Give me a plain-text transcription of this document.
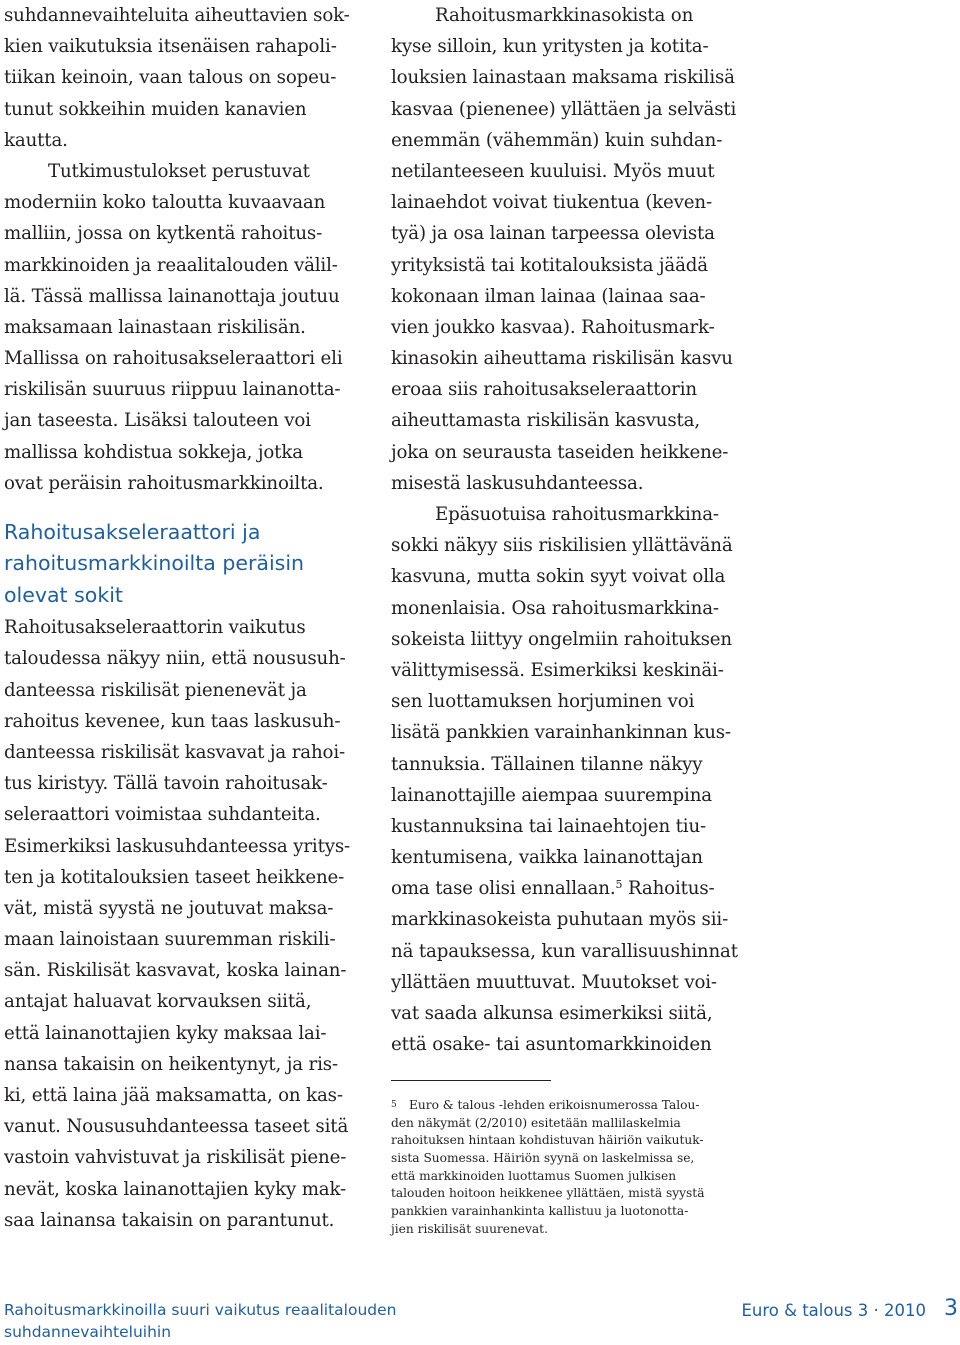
suhdannevaihteluita aiheuttavien sok-
kien vaikutuksia itsenäisen rahapoli-
tiikan keinoin, vaan talous on sopeu-
tunut sokkeihin muiden kanavien
kautta.
Tutkimustulokset perustuvat
moderniin koko taloutta kuvaavaan
malliin, jossa on kytkentä rahoitus-
markkinoiden ja reaalitalouden välil-
lä. Tässä mallissa lainanottaja joutuu
maksamaan lainastaan riskilisän.
Mallissa on rahoitusakseleraattori eli
riskilisän suuruus riippuu lainanotta-
jan taseesta. Lisäksi talouteen voi
mallissa kohdistua sokkeja, jotka
ovat peräisin rahoitusmarkkinoilta.
Rahoitusakseleraattori ja
rahoitusmarkkinoilta peräisin
olevat sokit
Rahoitusakseleraattorin vaikutus
taloudessa näkyy niin, että noususuh-
danteessa riskilisät pienenevät ja
rahoitus kevenee, kun taas laskusuh-
danteessa riskilisät kasvavat ja rahoi-
tus kiristyy. Tällä tavoin rahoitusak-
seleraattori voimistaa suhdanteita.
Esimerkiksi laskusuhdanteessa yritys-
ten ja kotitalouksien taseet heikkene-
vät, mistä syystä ne joutuvat maksa-
maan lainoistaan suuremman riskili-
sän. Riskilisät kasvavat, koska lainan-
antajat haluavat korvauksen siitä,
että lainanottajien kyky maksaa lai-
nansa takaisin on heikentynyt, ja ris-
ki, että laina jää maksamatta, on kas-
vanut. Noususuhdanteessa taseet sitä
vastoin vahvistuvat ja riskilisät piene-
nevät, koska lainanottajien kyky mak-
saa lainansa takaisin on parantunut.
Rahoitusmarkkinasokista on
kyse silloin, kun yritysten ja kotita-
louksien lainastaan maksama riskilisä
kasvaa (pienenee) yllättäen ja selvästi
enemmän (vähemmän) kuin suhdan-
netilanteeseen kuuluisi. Myös muut
lainaehdot voivat tiukentua (keven-
tyä) ja osa lainan tarpeessa olevista
yrityksistä tai kotitalouksista jäädä
kokonaan ilman lainaa (lainaa saa-
vien joukko kasvaa). Rahoitusmark-
kinasokin aiheuttama riskilisän kasvu
eroaa siis rahoitusakseleraattorin
aiheuttamasta riskilisän kasvusta,
joka on seurausta taseiden heikkene-
misestä laskusuhdanteessa.
Epäsuotuisa rahoitusmarkkina-
sokki näkyy siis riskilisien yllättävänä
kasvuna, mutta sokin syyt voivat olla
monenlaisia. Osa rahoitusmarkkina-
sokeista liittyy ongelmiin rahoituksen
välittymisessä. Esimerkiksi keskinäi-
sen luottamuksen horjuminen voi
lisätä pankkien varainhankinnan kus-
tannuksia. Tällainen tilanne näkyy
lainanottajille aiempaa suurempina
kustannuksina tai lainaehtojen tiu-
kentumisena, vaikka lainanottajan
oma tase olisi ennallaan.$^5$ Rahoitus-
markkinasokeista puhutaan myös sii-
nä tapauksessa, kun varallisuushinnat
yllättäen muuttuvat. Muutokset voi-
vat saada alkunsa esimerkiksi siitä,
että osake- tai asuntomarkkinoiden
5 Euro & talous -lehden erikoisnumerossa Talou-
den näkymät (2/2010) esitetään mallilaskelmia
rahoituksen hintaan kohdistuvan häiriön vaikutuk-
sista Suomessa. Häiriön syynä on laskelmissa se,
että markkinoiden luottamus Suomen julkisen
talouden hoitoon heikkenee yllättäen, mistä syystä
pankkien varainhankinta kallistuu ja luotonotta-
jien riskilisät suurenevat.
Rahoitusmarkkinoilla suuri vaikutus reaalitalouden
suhdannevaihteluihin
Euro & talous 3 · 2010 3
